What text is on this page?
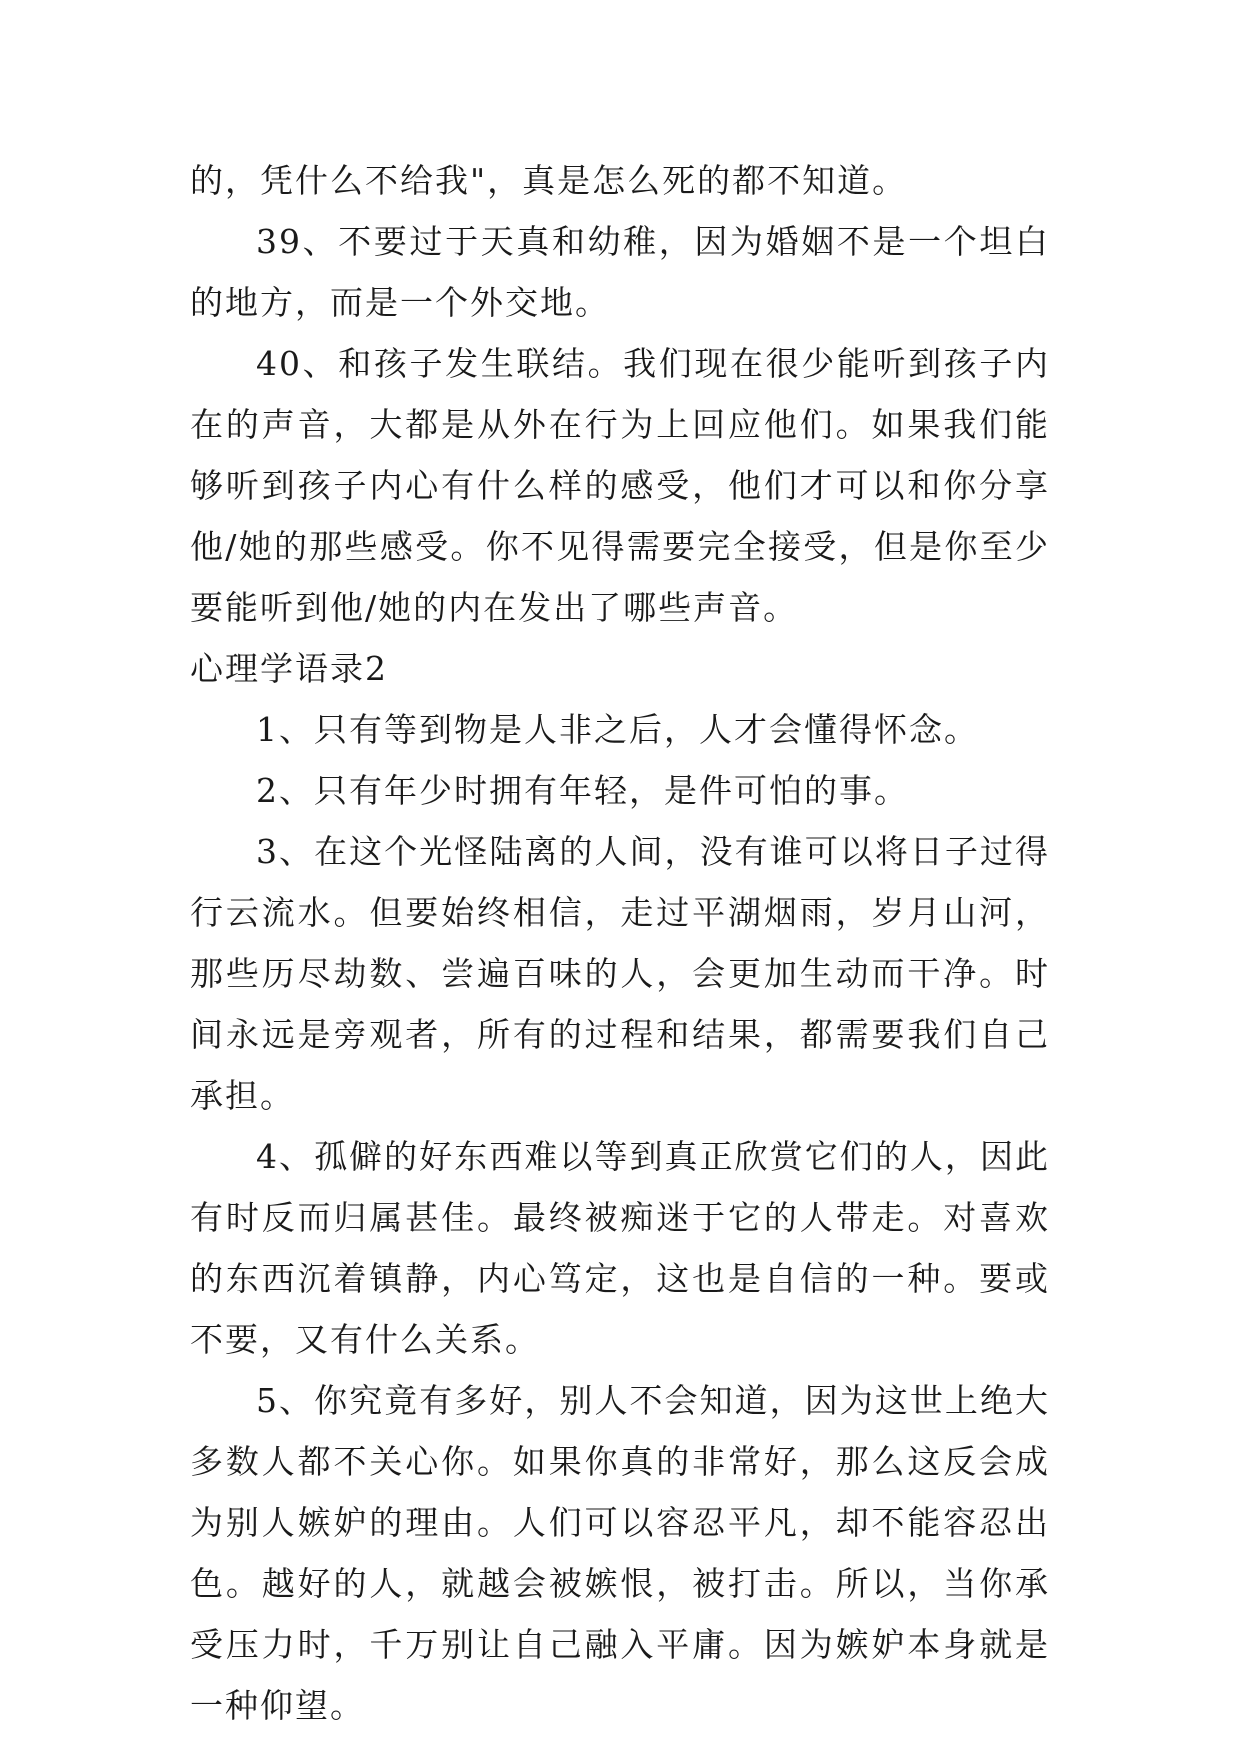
的，凭什么不给我"，真是怎么死的都不知道。

39、不要过于天真和幼稚，因为婚姻不是一个坦白的地方，而是一个外交地。

40、和孩子发生联结。我们现在很少能听到孩子内在的声音，大都是从外在行为上回应他们。如果我们能够听到孩子内心有什么样的感受，他们才可以和你分享他/她的那些感受。你不见得需要完全接受，但是你至少要能听到他/她的内在发出了哪些声音。

心理学语录2

1、只有等到物是人非之后，人才会懂得怀念。

2、只有年少时拥有年轻，是件可怕的事。

3、在这个光怪陆离的人间，没有谁可以将日子过得行云流水。但要始终相信，走过平湖烟雨，岁月山河，那些历尽劫数、尝遍百味的人，会更加生动而干净。时间永远是旁观者，所有的过程和结果，都需要我们自己承担。

4、孤僻的好东西难以等到真正欣赏它们的人，因此有时反而归属甚佳。最终被痴迷于它的人带走。对喜欢的东西沉着镇静，内心笃定，这也是自信的一种。要或不要，又有什么关系。

5、你究竟有多好，别人不会知道，因为这世上绝大多数人都不关心你。如果你真的非常好，那么这反会成为别人嫉妒的理由。人们可以容忍平凡，却不能容忍出色。越好的人，就越会被嫉恨，被打击。所以，当你承受压力时，千万别让自己融入平庸。因为嫉妒本身就是一种仰望。
